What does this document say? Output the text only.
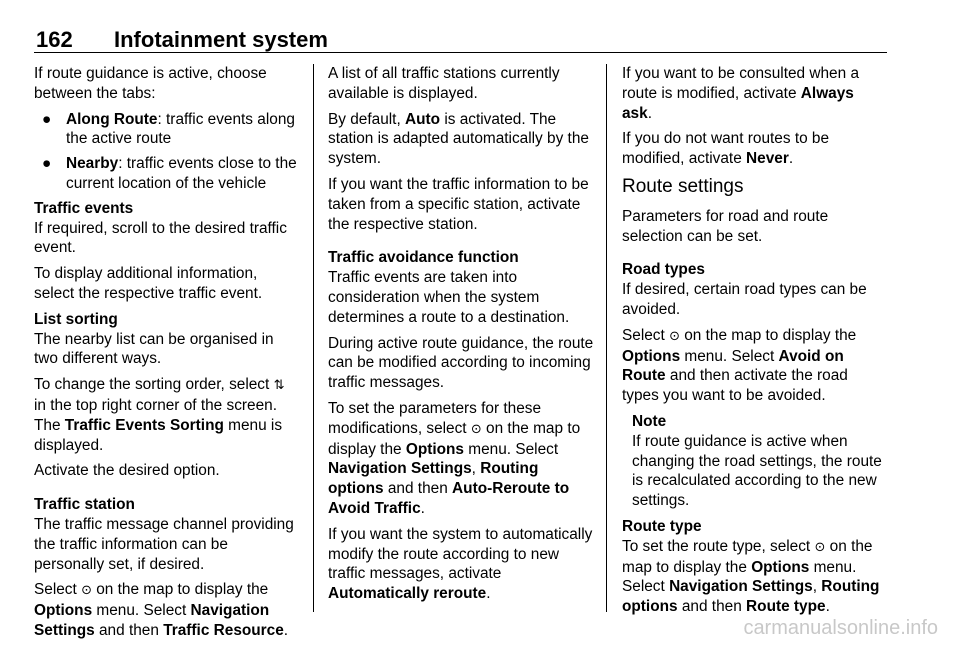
162 Infotainment system

If route guidance is active, choose between the tabs:

● Along Route: traffic events along the active route
● Nearby: traffic events close to the current location of the vehicle

Traffic events

If required, scroll to the desired traffic event.

To display additional information, select the respective traffic event.

List sorting

The nearby list can be organised in two different ways.

To change the sorting order, select ⇅ in the top right corner of the screen. The Traffic Events Sorting menu is displayed.

Activate the desired option.

Traffic station

The traffic message channel providing the traffic information can be personally set, if desired.

Select ⊙ on the map to display the Options menu. Select Navigation Settings and then Traffic Resource.

A list of all traffic stations currently available is displayed.

By default, Auto is activated. The station is adapted automatically by the system.

If you want the traffic information to be taken from a specific station, activate the respective station.

Traffic avoidance function

Traffic events are taken into consideration when the system determines a route to a destination.

During active route guidance, the route can be modified according to incoming traffic messages.

To set the parameters for these modifications, select ⊙ on the map to display the Options menu. Select Navigation Settings, Routing options and then Auto-Reroute to Avoid Traffic.

If you want the system to automatically modify the route according to new traffic messages, activate Automatically reroute.

If you want to be consulted when a route is modified, activate Always ask.

If you do not want routes to be modified, activate Never.

Route settings

Parameters for road and route selection can be set.

Road types

If desired, certain road types can be avoided.

Select ⊙ on the map to display the Options menu. Select Avoid on Route and then activate the road types you want to be avoided.

Note

If route guidance is active when changing the road settings, the route is recalculated according to the new settings.

Route type

To set the route type, select ⊙ on the map to display the Options menu. Select Navigation Settings, Routing options and then Route type.

carmanualsonline.info
